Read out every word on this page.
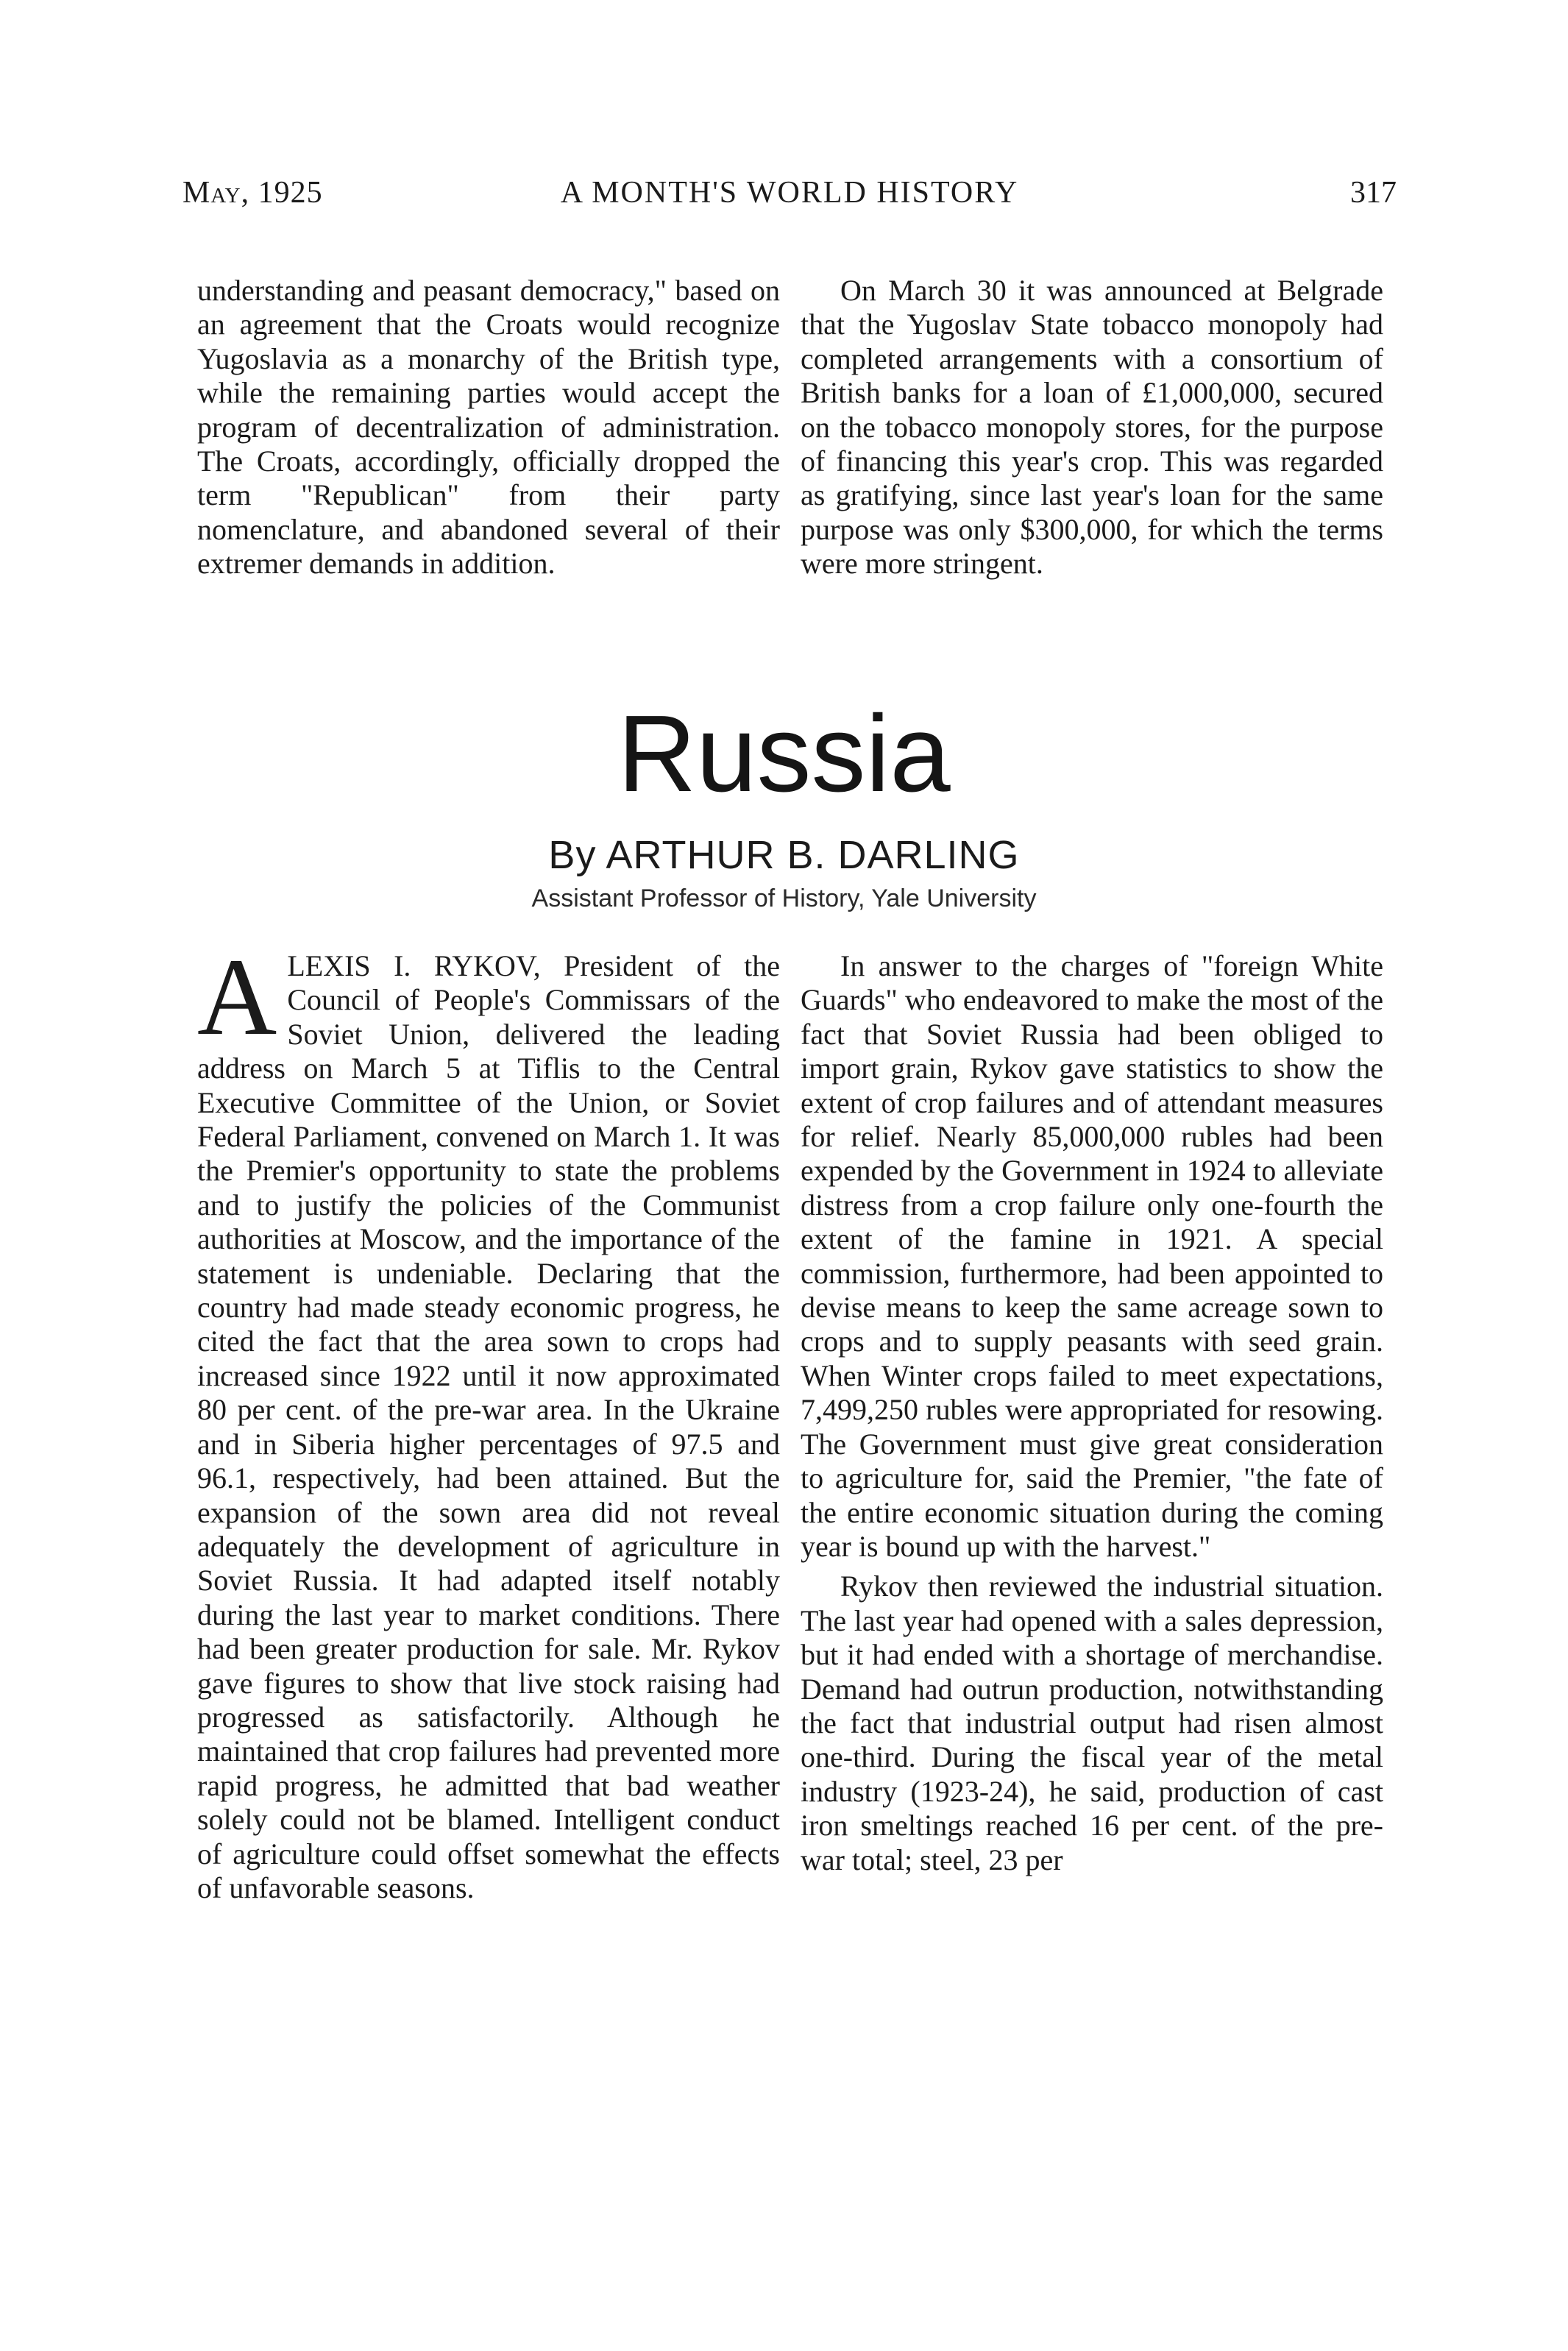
May, 1925	A MONTH'S WORLD HISTORY	317

understanding and peasant democracy," based on an agreement that the Croats would recognize Yugoslavia as a monarchy of the British type, while the remaining parties would accept the program of decentralization of administration. The Croats, accordingly, officially dropped the term "Republican" from their party nomenclature, and abandoned several of their extremer demands in addition.

On March 30 it was announced at Belgrade that the Yugoslav State tobacco monopoly had completed arrangements with a consortium of British banks for a loan of £1,000,000, secured on the tobacco monopoly stores, for the purpose of financing this year's crop. This was regarded as gratifying, since last year's loan for the same purpose was only $300,000, for which the terms were more stringent.

Russia
By ARTHUR B. DARLING
Assistant Professor of History, Yale University

ALEXIS I. RYKOV, President of the Council of People's Commissars of the Soviet Union, delivered the leading address on March 5 at Tiflis to the Central Executive Committee of the Union, or Soviet Federal Parliament, convened on March 1. It was the Premier's opportunity to state the problems and to justify the policies of the Communist authorities at Moscow, and the importance of the statement is undeniable. Declaring that the country had made steady economic progress, he cited the fact that the area sown to crops had increased since 1922 until it now approximated 80 per cent. of the pre-war area. In the Ukraine and in Siberia higher percentages of 97.5 and 96.1, respectively, had been attained. But the expansion of the sown area did not reveal adequately the development of agriculture in Soviet Russia. It had adapted itself notably during the last year to market conditions. There had been greater production for sale. Mr. Rykov gave figures to show that live stock raising had progressed as satisfactorily. Although he maintained that crop failures had prevented more rapid progress, he admitted that bad weather solely could not be blamed. Intelligent conduct of agriculture could offset somewhat the effects of unfavorable seasons.

In answer to the charges of "foreign White Guards" who endeavored to make the most of the fact that Soviet Russia had been obliged to import grain, Rykov gave statistics to show the extent of crop failures and of attendant measures for relief. Nearly 85,000,000 rubles had been expended by the Government in 1924 to alleviate distress from a crop failure only one-fourth the extent of the famine in 1921. A special commission, furthermore, had been appointed to devise means to keep the same acreage sown to crops and to supply peasants with seed grain. When Winter crops failed to meet expectations, 7,499,250 rubles were appropriated for resowing. The Government must give great consideration to agriculture for, said the Premier, "the fate of the entire economic situation during the coming year is bound up with the harvest."

Rykov then reviewed the industrial situation. The last year had opened with a sales depression, but it had ended with a shortage of merchandise. Demand had outrun production, notwithstanding the fact that industrial output had risen almost one-third. During the fiscal year of the metal industry (1923-24), he said, production of cast iron smeltings reached 16 per cent. of the pre-war total; steel, 23 per
